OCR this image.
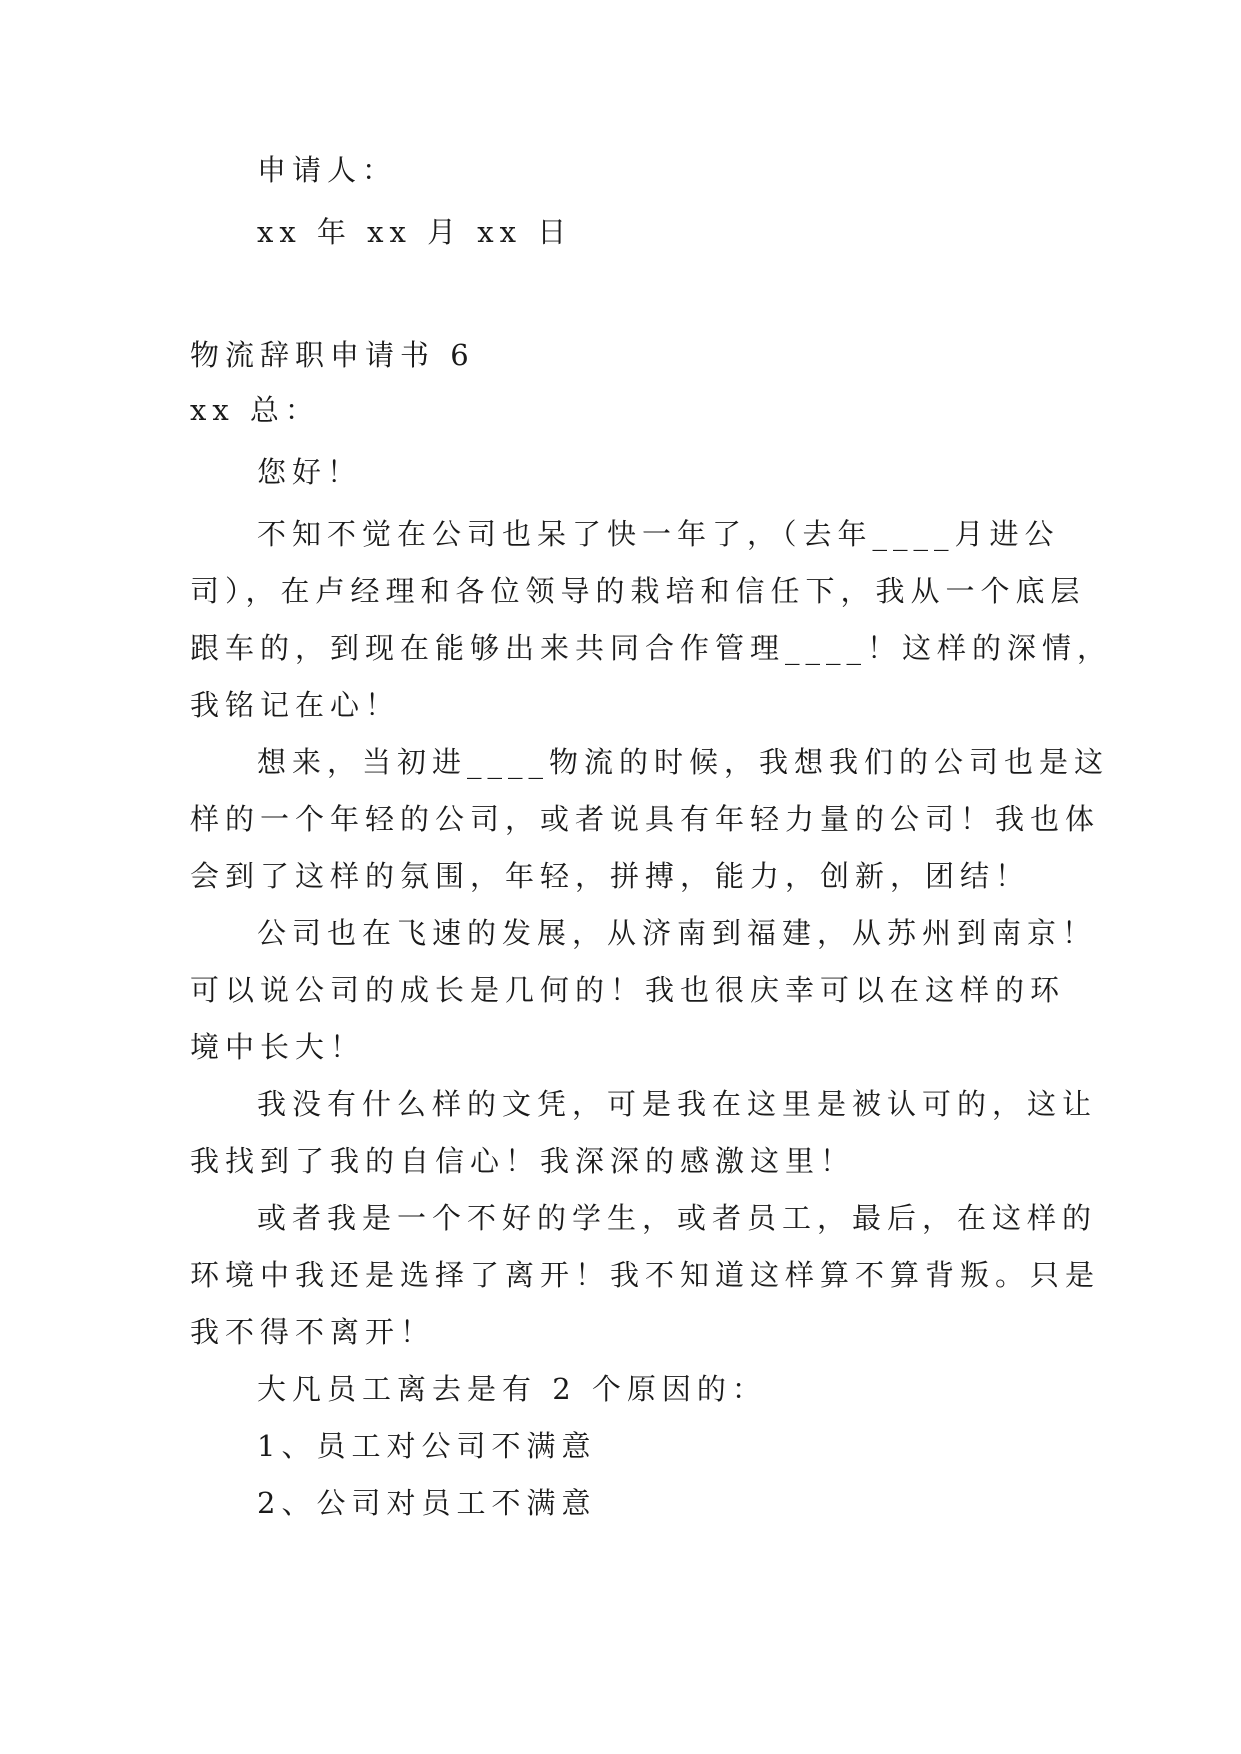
申请人：
xx 年 xx 月 xx 日
物流辞职申请书 6
xx 总：
您好！
不知不觉在公司也呆了快一年了，（去年____月进公
司），在卢经理和各位领导的栽培和信任下，我从一个底层
跟车的，到现在能够出来共同合作管理____！这样的深情，
我铭记在心！
想来，当初进____物流的时候，我想我们的公司也是这
样的一个年轻的公司，或者说具有年轻力量的公司！我也体
会到了这样的氛围，年轻，拼搏，能力，创新，团结！
公司也在飞速的发展，从济南到福建，从苏州到南京！
可以说公司的成长是几何的！我也很庆幸可以在这样的环
境中长大！
我没有什么样的文凭，可是我在这里是被认可的，这让
我找到了我的自信心！我深深的感激这里！
或者我是一个不好的学生，或者员工，最后，在这样的
环境中我还是选择了离开！我不知道这样算不算背叛。只是
我不得不离开！
大凡员工离去是有 2 个原因的：
1、员工对公司不满意
2、公司对员工不满意
